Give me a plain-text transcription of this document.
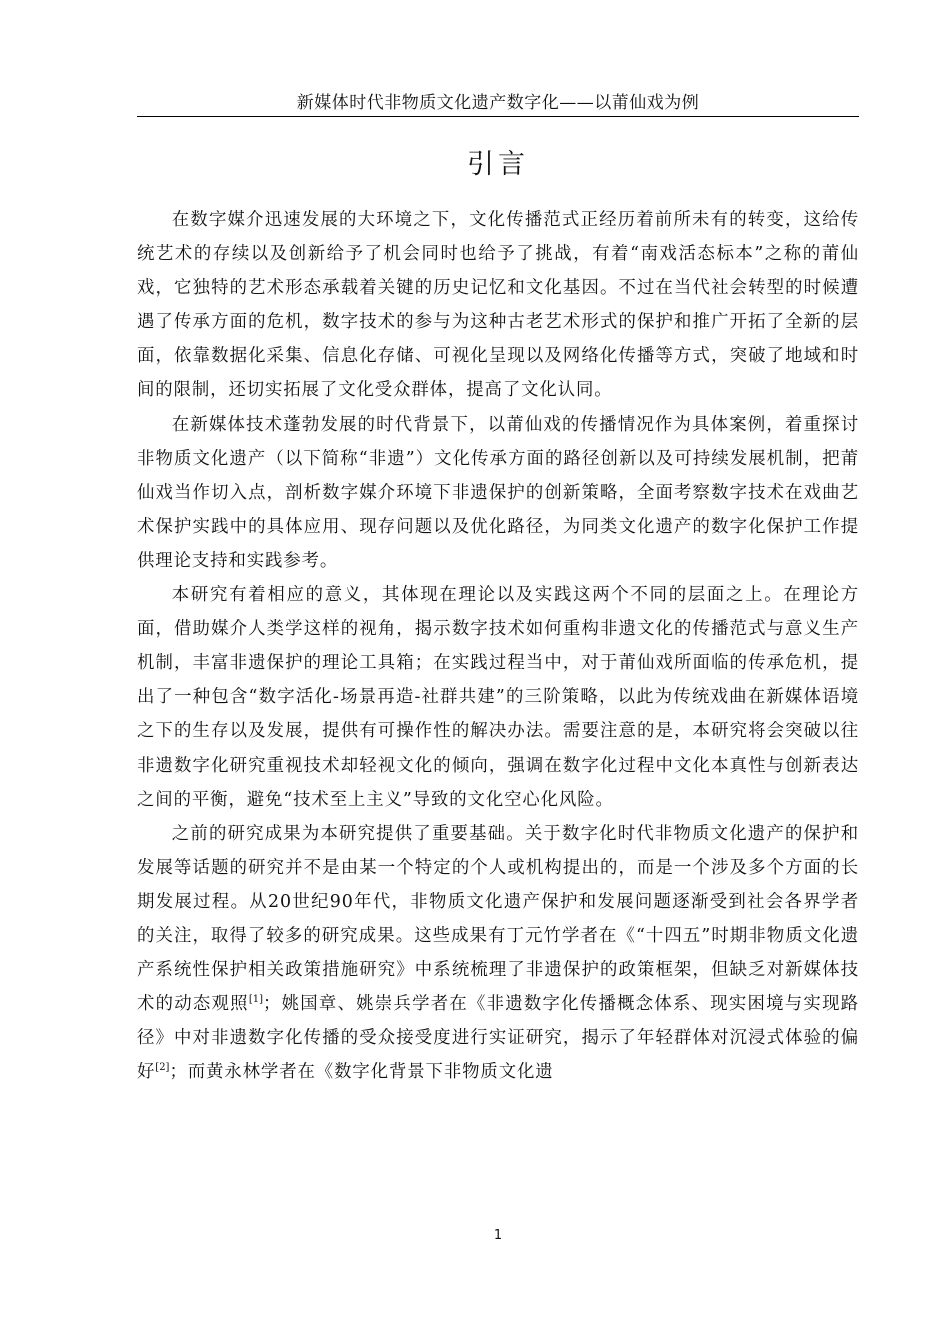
新媒体时代非物质文化遗产数字化——以莆仙戏为例
引言

在数字媒介迅速发展的大环境之下，文化传播范式正经历着前所未有的转变，这给传统艺术的存续以及创新给予了机会同时也给予了挑战，有着“南戏活态标本”之称的莆仙戏，它独特的艺术形态承载着关键的历史记忆和文化基因。不过在当代社会转型的时候遭遇了传承方面的危机，数字技术的参与为这种古老艺术形式的保护和推广开拓了全新的层面，依靠数据化采集、信息化存储、可视化呈现以及网络化传播等方式，突破了地域和时间的限制，还切实拓展了文化受众群体，提高了文化认同。

在新媒体技术蓬勃发展的时代背景下，以莆仙戏的传播情况作为具体案例，着重探讨非物质文化遗产（以下简称“非遗”）文化传承方面的路径创新以及可持续发展机制，把莆仙戏当作切入点，剖析数字媒介环境下非遗保护的创新策略，全面考察数字技术在戏曲艺术保护实践中的具体应用、现存问题以及优化路径，为同类文化遗产的数字化保护工作提供理论支持和实践参考。

本研究有着相应的意义，其体现在理论以及实践这两个不同的层面之上。在理论方面，借助媒介人类学这样的视角，揭示数字技术如何重构非遗文化的传播范式与意义生产机制，丰富非遗保护的理论工具箱；在实践过程当中，对于莆仙戏所面临的传承危机，提出了一种包含“数字活化-场景再造-社群共建”的三阶策略，以此为传统戏曲在新媒体语境之下的生存以及发展，提供有可操作性的解决办法。需要注意的是，本研究将会突破以往非遗数字化研究重视技术却轻视文化的倾向，强调在数字化过程中文化本真性与创新表达之间的平衡，避免“技术至上主义”导致的文化空心化风险。

之前的研究成果为本研究提供了重要基础。关于数字化时代非物质文化遗产的保护和发展等话题的研究并不是由某一个特定的个人或机构提出的，而是一个涉及多个方面的长期发展过程。从20世纪90年代，非物质文化遗产保护和发展问题逐渐受到社会各界学者的关注，取得了较多的研究成果。这些成果有丁元竹学者在《“十四五”时期非物质文化遗产系统性保护相关政策措施研究》中系统梳理了非遗保护的政策框架，但缺乏对新媒体技术的动态观照[1]；姚国章、姚崇兵学者在《非遗数字化传播概念体系、现实困境与实现路径》中对非遗数字化传播的受众接受度进行实证研究，揭示了年轻群体对沉浸式体验的偏好[2]；而黄永林学者在《数字化背景下非物质文化遗

1
